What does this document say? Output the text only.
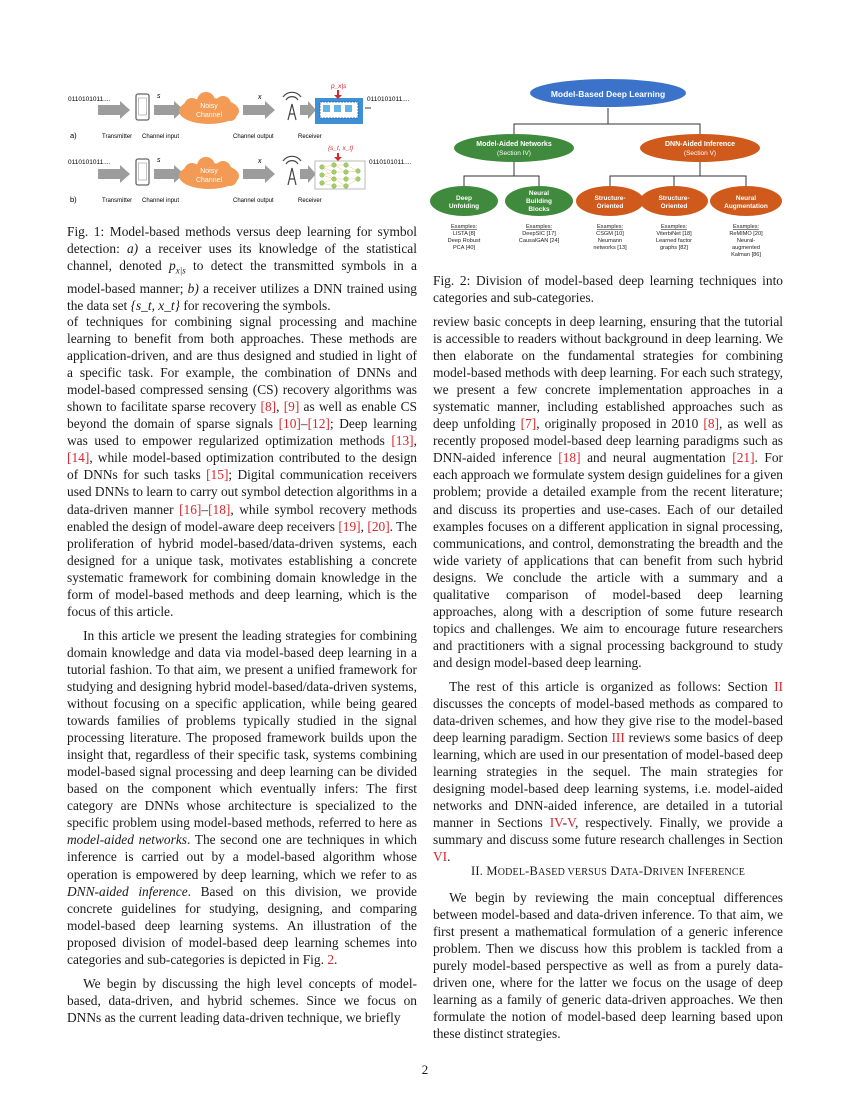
0110101011....	s
Noisy
Channel
x
p_x|s
0110101011....
a)	Transmitter Channel input	Channel output	Receiver
0110101011....	s
Noisy
Channel
x
{s_t, x_t}
0110101011....
b)	Transmitter Channel input	Channel output	Receiver
Fig. 1: Model-based methods versus deep learning for symbol detection: a) a receiver uses its knowledge of the statistical channel, denoted $p_{x|s}$ to detect the transmitted symbols in a model-based manner; b) a receiver utilizes a DNN trained using the data set {s_t, x_t} for recovering the symbols.

of techniques for combining signal processing and machine learning to benefit from both approaches. These methods are application-driven, and are thus designed and studied in light of a specific task. For example, the combination of DNNs and model-based compressed sensing (CS) recovery algorithms was shown to facilitate sparse recovery [8], [9] as well as enable CS beyond the domain of sparse signals [10]–[12]; Deep learning was used to empower regularized optimization methods [13], [14], while model-based optimization contributed to the design of DNNs for such tasks [15]; Digital communication receivers used DNNs to learn to carry out symbol detection algorithms in a data-driven manner [16]–[18], while symbol recovery methods enabled the design of model-aware deep receivers [19], [20]. The proliferation of hybrid model-based/data-driven systems, each designed for a unique task, motivates establishing a concrete systematic framework for combining domain knowledge in the form of model-based methods and deep learning, which is the focus of this article.

In this article we present the leading strategies for combining domain knowledge and data via model-based deep learning in a tutorial fashion. To that aim, we present a unified framework for studying and designing hybrid model-based/data-driven systems, without focusing on a specific application, while being geared towards families of problems typically studied in the signal processing literature. The proposed framework builds upon the insight that, regardless of their specific task, systems combining model-based signal processing and deep learning can be divided based on the component which eventually infers: The first category are DNNs whose architecture is specialized to the specific problem using model-based methods, referred to here as model-aided networks. The second one are techniques in which inference is carried out by a model-based algorithm whose operation is empowered by deep learning, which we refer to as DNN-aided inference. Based on this division, we provide concrete guidelines for studying, designing, and comparing model-based deep learning systems. An illustration of the proposed division of model-based deep learning schemes into categories and sub-categories is depicted in Fig. 2.

We begin by discussing the high level concepts of model-based, data-driven, and hybrid schemes. Since we focus on DNNs as the current leading data-driven technique, we briefly

Model-Based Deep Learning
Model-Aided Networks
(Section IV)
DNN-Aided Inference
(Section V)
Deep
Unfolding
Neural
Building
Blocks
Structure-
Oriented
Structure-
Oriented
Neural
Augmentation
Examples:
LISTA [8]
Deep Robust
PCA [40]
Examples:
DeepSIC [17]
CausalGAN [24]
Examples:
CSGM [10]
Neumann
networks [13]
Examples:
ViterbiNet [18]
Learned factor
graphs [82]
Examples:
ReMIMO [20]
Neural-
augmented
Kalman [86]
Fig. 2: Division of model-based deep learning techniques into categories and sub-categories.

review basic concepts in deep learning, ensuring that the tutorial is accessible to readers without background in deep learning. We then elaborate on the fundamental strategies for combining model-based methods with deep learning. For each such strategy, we present a few concrete implementation approaches in a systematic manner, including established approaches such as deep unfolding [7], originally proposed in 2010 [8], as well as recently proposed model-based deep learning paradigms such as DNN-aided inference [18] and neural augmentation [21]. For each approach we formulate system design guidelines for a given problem; provide a detailed example from the recent literature; and discuss its properties and use-cases. Each of our detailed examples focuses on a different application in signal processing, communications, and control, demonstrating the breadth and the wide variety of applications that can benefit from such hybrid designs. We conclude the article with a summary and a qualitative comparison of model-based deep learning approaches, along with a description of some future research topics and challenges. We aim to encourage future researchers and practitioners with a signal processing background to study and design model-based deep learning.

The rest of this article is organized as follows: Section II discusses the concepts of model-based methods as compared to data-driven schemes, and how they give rise to the model-based deep learning paradigm. Section III reviews some basics of deep learning, which are used in our presentation of model-based deep learning strategies in the sequel. The main strategies for designing model-based deep learning systems, i.e. model-aided networks and DNN-aided inference, are detailed in a tutorial manner in Sections IV-V, respectively. Finally, we provide a summary and discuss some future research challenges in Section VI.

II. MODEL-BASED VERSUS DATA-DRIVEN INFERENCE

We begin by reviewing the main conceptual differences between model-based and data-driven inference. To that aim, we first present a mathematical formulation of a generic inference problem. Then we discuss how this problem is tackled from a purely model-based perspective as well as from a purely data-driven one, where for the latter we focus on the usage of deep learning as a family of generic data-driven approaches. We then formulate the notion of model-based deep learning based upon these distinct strategies.

2
